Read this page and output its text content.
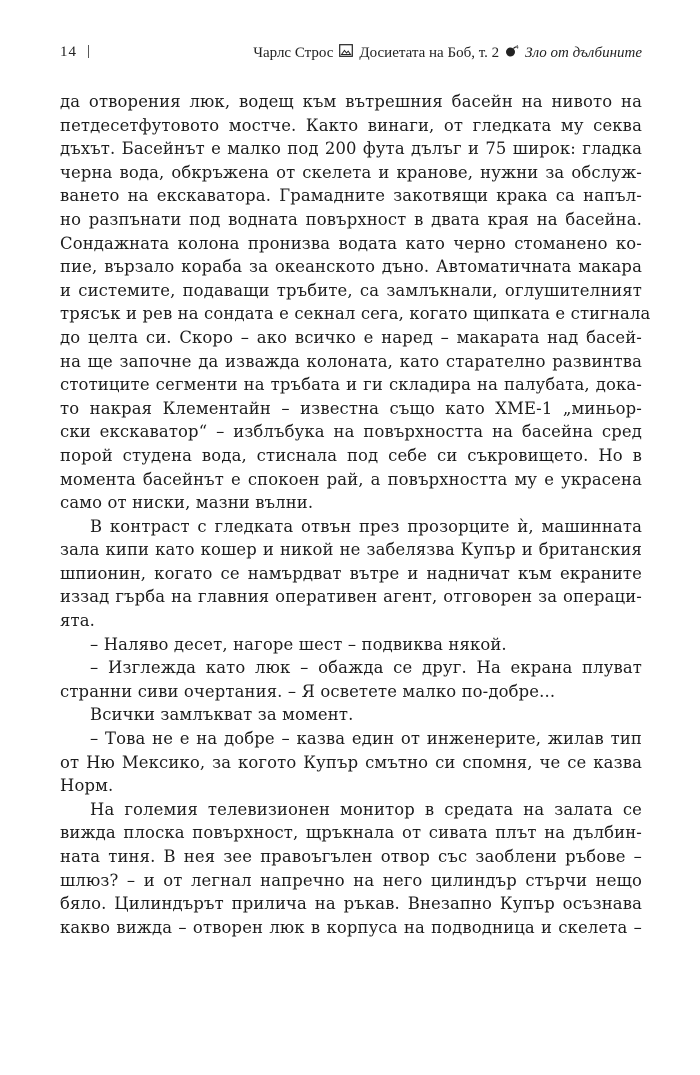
14 |	Чарлс Строс Досиетата на Боб, т. 2 Зло от дълбините
да отворения люк, водещ към вътрешния басейн на нивото на
петдесетфутовото мостче. Както винаги, от гледката му секва
дъхът. Басейнът е малко под 200 фута дълъг и 75 широк: гладка
черна вода, обкръжена от скелета и кранове, нужни за обслуж-
ването на екскаватора. Грамадните закотвящи крака са напъл-
но разпънати под водната повърхност в двата края на басейна.
Сондажната колона пронизва водата като черно стоманено ко-
пие, вързало кораба за океанското дъно. Автоматичната макара
и системите, подаващи тръбите, са замлъкнали, оглушителният
трясък и рев на сондата е секнал сега, когато щипката е стигнала
до целта си. Скоро – ако всичко е наред – макарата над басей-
на ще започне да изважда колоната, като старателно развинтва
стотиците сегменти на тръбата и ги складира на палубата, дока-
то накрая Клементайн – известна също като ХМЕ-1 „миньор-
ски екскаватор“ – изблъбука на повърхността на басейна сред
порой студена вода, стиснала под себе си съкровището. Но в
момента басейнът е спокоен рай, а повърхността му е украсена
само от ниски, мазни вълни.
В контраст с гледката отвън през прозорците ѝ, машинната
зала кипи като кошер и никой не забелязва Купър и британския
шпионин, когато се намърдват вътре и надничат към екраните
иззад гърба на главния оперативен агент, отговорен за операци-
ята.
– Наляво десет, нагоре шест – подвиква някой.
– Изглежда като люк – обажда се друг. На екрана плуват
странни сиви очертания. – Я осветете малко по-добре...
Всички замлъкват за момент.
– Това не е на добре – казва един от инженерите, жилав тип
от Ню Мексико, за когото Купър смътно си спомня, че се казва
Норм.
На големия телевизионен монитор в средата на залата се
вижда плоска повърхност, щръкнала от сивата плът на дълбин-
ната тиня. В нея зее правоъгълен отвор със заоблени ръбове –
шлюз? – и от легнал напречно на него цилиндър стърчи нещо
бяло. Цилиндърът прилича на ръкав. Внезапно Купър осъзнава
какво вижда – отворен люк в корпуса на подводница и скелета –
